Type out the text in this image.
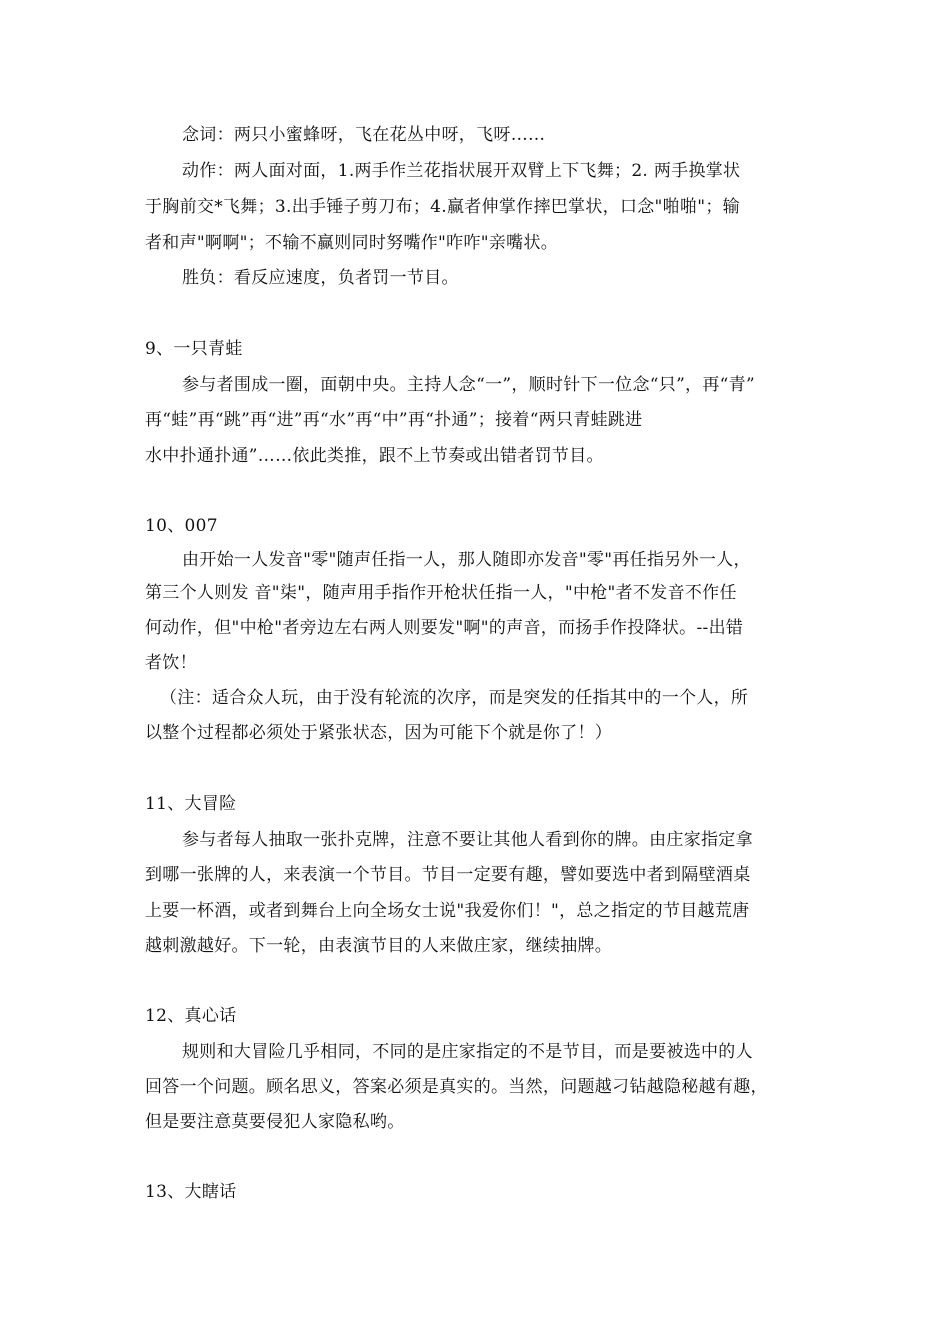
念词：两只小蜜蜂呀，飞在花丛中呀，飞呀……
动作：两人面对面，1.两手作兰花指状展开双臂上下飞舞；2. 两手换掌状
于胸前交*飞舞；3.出手锤子剪刀布；4.赢者伸掌作摔巴掌状，口念"啪啪"；输
者和声"啊啊"；不输不赢则同时努嘴作"咋咋"亲嘴状。
胜负：看反应速度，负者罚一节目。
9、一只青蛙
参与者围成一圈，面朝中央。主持人念“一”，顺时针下一位念“只”，再“青”
再“蛙”再“跳”再“进”再“水”再“中”再“扑通”；接着“两只青蛙跳进
水中扑通扑通”……依此类推，跟不上节奏或出错者罚节目。
10、007
由开始一人发音"零"随声任指一人，那人随即亦发音"零"再任指另外一人，
第三个人则发 音"柒"，随声用手指作开枪状任指一人，"中枪"者不发音不作任
何动作，但"中枪"者旁边左右两人则要发"啊"的声音，而扬手作投降状。--出错
者饮！
（注：适合众人玩，由于没有轮流的次序，而是突发的任指其中的一个人，所
以整个过程都必须处于紧张状态，因为可能下个就是你了！）
11、大冒险
参与者每人抽取一张扑克牌，注意不要让其他人看到你的牌。由庄家指定拿
到哪一张牌的人，来表演一个节目。节目一定要有趣，譬如要选中者到隔壁酒桌
上要一杯酒，或者到舞台上向全场女士说"我爱你们！"，总之指定的节目越荒唐
越刺激越好。下一轮，由表演节目的人来做庄家，继续抽牌。
12、真心话
规则和大冒险几乎相同，不同的是庄家指定的不是节目，而是要被选中的人
回答一个问题。顾名思义，答案必须是真实的。当然，问题越刁钻越隐秘越有趣，
但是要注意莫要侵犯人家隐私哟。
13、大瞎话
